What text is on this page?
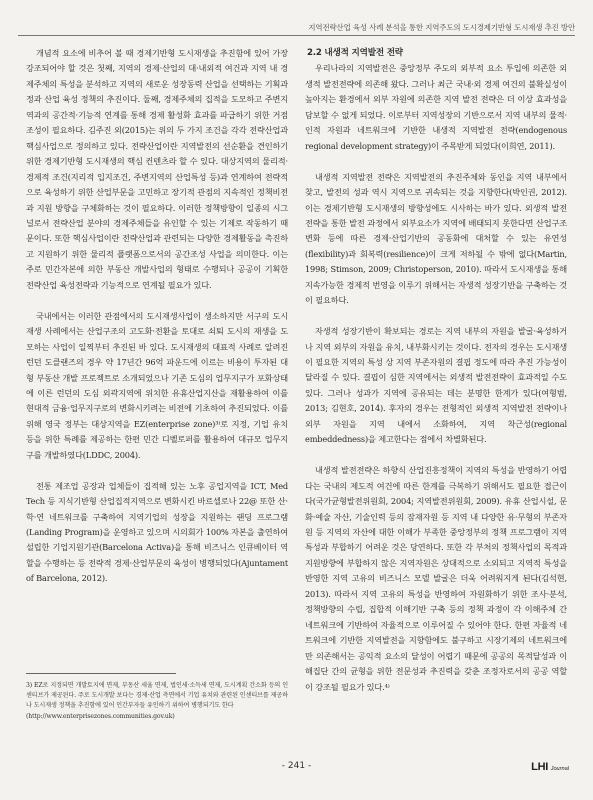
지역전략산업 육성 사례 분석을 통한 지역주도의 도시경제기반형 도시재생 추진 방안

개념적 요소에 비추어 볼 때 경제기반형 도시재생을 추진함에 있어 가장 강조되어야 할 것은 첫째, 지역의 경제·산업의 대·내외적 여건과 지역 내 경제주체의 특성을 분석하고 지역의 새로운 성장동력 산업을 선택하는 기획과정과 산업 육성 정책의 추진이다. 둘째, 경제주체의 집적을 도모하고 주변지역과의 공간적·기능적 연계를 통해 경제 활성화 효과를 파급하기 위한 거점 조성이 필요하다. 김주진 외(2015)는 위의 두 가지 조건을 각각 전략산업과 핵심사업으로 정의하고 있다. 전략산업이란 지역발전의 선순환을 견인하기 위한 경제기반형 도시재생의 핵심 컨텐츠라 할 수 있다. 대상지역의 물리적·경제적 조건(지리적 입지조건, 주변지역의 산업특성 등)과 연계하여 전략적으로 육성하기 위한 산업부문을 고민하고 장기적 관점의 지속적인 정책비전과 지원 방향을 구체화하는 것이 필요하다. 이러한 정책방향이 일종의 시그널로서 전략산업 분야의 경제주체들을 유인할 수 있는 기제로 작동하기 때문이다. 또한 핵심사업이란 전략산업과 관련되는 다양한 경제활동을 촉진하고 지원하기 위한 물리적 플랫폼으로서의 공간조성 사업을 의미한다. 이는 주로 민간자본에 의한 부동산 개발사업의 형태로 수행되나 공공이 기획한 전략산업 육성전략과 기능적으로 연계될 필요가 있다.

국내에서는 이러한 관점에서의 도시재생사업이 생소하지만 서구의 도시재생 사례에서는 산업구조의 고도화·전환을 토대로 쇠퇴 도시의 재생을 도모하는 사업이 일찍부터 추진된 바 있다. 도시재생의 대표적 사례로 알려진 런던 도클랜즈의 경우 약 17년간 96억 파운드에 이르는 비용이 투자된 대형 부동산 개발 프로젝트로 소개되었으나 기존 도심의 업무지구가 포화상태에 이른 런던의 도심 외곽지역에 위치한 유휴산업지산을 재활용하여 이를 현대적 금융·업무지구로의 변화시키려는 비전에 기초하여 추진되었다. 이를 위해 영국 정부는 대상지역을 EZ(enterprise zone)³⁾로 지정, 기업 유치 등을 위한 특례를 제공하는 한편 민간 디벨로퍼를 활용하여 대규모 업무지구를 개발하였다(LDDC, 2004).

전통 제조업 공장과 업체들이 집적해 있는 노후 공업지역을 ICT, Med Tech 등 지식기반형 산업집적지역으로 변화시킨 바르셀로나 22@ 또한 산·학·연 네트워크를 구축하여 지역기업의 성장을 지원하는 랜딩 프로그램(Landing Program)을 운영하고 있으며 시의회가 100% 자본을 출연하여 설립한 기업지원기관(Barcelona Activa)을 통해 비즈니스 인큐베이터 역할을 수행하는 등 전략적 경제·산업부문의 육성이 병행되었다(Ajuntament of Barcelona, 2012).

2.2 내생적 지역발전 전략

우리나라의 지역발전은 중앙정부 주도의 외부적 요소 투입에 의존한 외생적 발전전략에 의존해 왔다. 그러나 최근 국내·외 경제 여건의 불확실성이 높아지는 환경에서 외부 자원에 의존한 지역 발전 전략은 더 이상 효과성을 담보할 수 없게 되었다. 이로부터 지역성장의 기반으로서 지역 내부의 물적·인적 자원과 네트워크에 기반한 내생적 지역발전 전략(endogenous regional development strategy)이 주목받게 되었다(이희연, 2011).

내생적 지역발전 전략은 지역발전의 추진주체와 동인을 지역 내부에서 찾고, 발전의 성과 역시 지역으로 귀속되는 것을 지향한다(박인권, 2012). 이는 경제기반형 도시재생의 방향성에도 시사하는 바가 있다. 외생적 발전전략을 통한 발전 과정에서 외부요소가 지역에 배태되지 못한다면 산업구조 변화 등에 따른 경제·산업기반의 공동화에 대처할 수 있는 유연성(flexibility)과 회복력(resilience)이 크게 저하될 수 밖에 없다(Martin, 1998; Stimson, 2009; Christoperson, 2010). 따라서 도시재생을 통해 지속가능한 경제적 번영을 이루기 위해서는 자생적 성장기반을 구축하는 것이 필요하다.

자생적 성장기반이 확보되는 경로는 지역 내부의 자원을 발굴·육성하거나 지역 외부의 자원을 유치, 내부화시키는 것이다. 전자의 경우는 도시재생이 필요한 지역의 특성 상 지역 부존자원의 결핍 정도에 따라 추진 가능성이 달라질 수 있다. 결핍이 심한 지역에서는 외생적 발전전략이 효과적일 수도 있다. 그러나 성과가 지역에 공유되는 데는 분명한 한계가 있다(여형범, 2013; 김현호, 2014). 후자의 경우는 전형적인 외생적 지역발전 전략이나 외부 자원을 지역 내에서 소화하여, 지역 착근성(regional embeddedness)을 제고한다는 점에서 차별화된다.

내생적 발전전략은 하향식 산업진흥정책이 지역의 특성을 반영하기 어렵다는 국내의 제도적 여건에 따른 한계를 극복하기 위해서도 필요한 접근이다(국가균형발전위원회, 2004; 지역발전위원회, 2009). 유휴 산업시설, 문화·예술 자산, 기술인력 등의 잠재자원 등 지역 내 다양한 유·무형의 부존자원 등 지역의 자산에 대한 이해가 부족한 중앙정부의 정책 프로그램이 지역 특성과 부합하기 어려운 것은 당연하다. 또한 각 부처의 정책사업의 목적과 지원방향에 부합하지 않은 지역자원은 상대적으로 소외되고 지역적 특성을 반영한 지역 고유의 비즈니스 모델 발굴은 더욱 어려워지게 된다(김석현, 2013). 따라서 지역 고유의 특성을 반영하여 자원화하기 위한 조사·분석, 정책방향의 수립, 집합적 이해기반 구축 등의 정책 과정이 각 이해주체 간 네트워크에 기반하여 자율적으로 이루어질 수 있어야 한다. 한편 자율적 네트워크에 기반한 지역발전을 지향함에도 불구하고 시장기제의 네트워크에만 의존해서는 공익적 요소의 달성이 어렵기 때문에 공공의 목적달성과 이해집단 간의 균형을 위한 전문성과 추진력을 갖춘 조정자로서의 공공 역할이 강조될 필요가 있다.⁴⁾

3) EZ로 지정되면 개발토지에 면제, 부동산 세율 면제, 법인세·소득세 면제, 도시계획 간소화 등의 인센티브가 제공된다. 주로 도시개발 보다는 경제·산업 측면에서 기업 유치와 관련된 인센티브를 제공하나 도시재생 정책을 추진함에 있어 인간부자들 유인하기 위하여 병행되기도 한다
(http://www.enterprisezones.communities.gov.uk)
- 241 -	LHI Journal
